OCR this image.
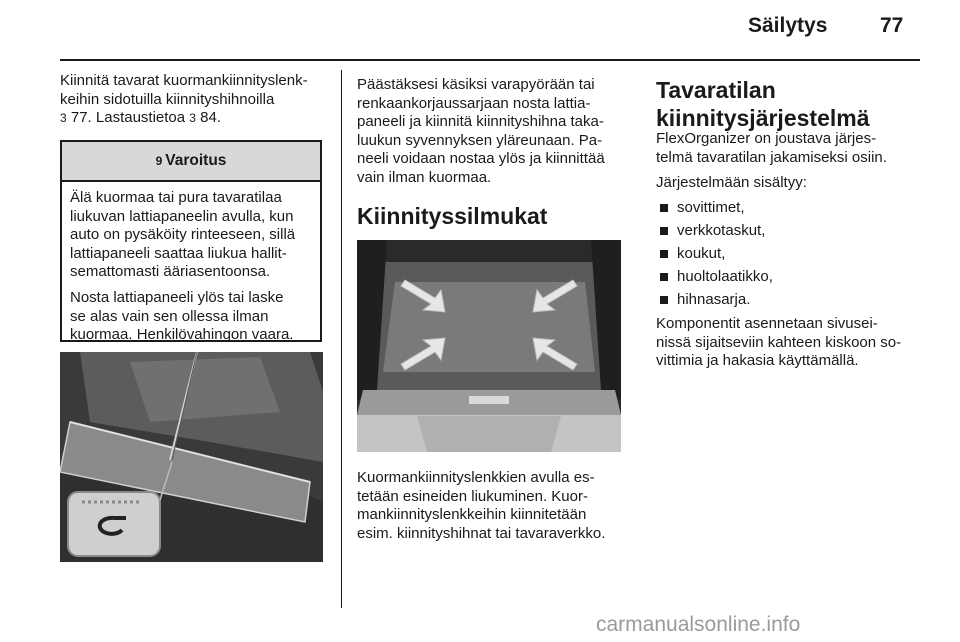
Säilytys	77
Kiinnitä tavarat kuormankiinnityslenk-
keihin sidotuilla kiinnityshihnoilla
3 77. Lastaustietoa 3 84.
9 Varoitus
Älä kuormaa tai pura tavaratilaa
liukuvan lattiapaneelin avulla, kun
auto on pysäköity rinteeseen, sillä
lattiapaneeli saattaa liukua hallit-
semattomasti ääriasentoonsa.
Nosta lattiapaneeli ylös tai laske
se alas vain sen ollessa ilman
kuormaa. Henkilövahingon vaara.
Päästäksesi käsiksi varapyörään tai
renkaankorjaussarjaan nosta lattia-
paneeli ja kiinnitä kiinnityshihna taka-
luukun syvennyksen yläreunaan. Pa-
neeli voidaan nostaa ylös ja kiinnittää
vain ilman kuormaa.
Kiinnityssilmukat
Kuormankiinnityslenkkien avulla es-
tetään esineiden liukuminen. Kuor-
mankiinnityslenkkeihin kiinnitetään
esim. kiinnityshihnat tai tavaraverkko.
Tavaratilan
kiinnitysjärjestelmä
FlexOrganizer on joustava järjes-
telmä tavaratilan jakamiseksi osiin.
Järjestelmään sisältyy:
sovittimet,
verkkotaskut,
koukut,
huoltolaatikko,
hihnasarja.
Komponentit asennetaan sivusei-
nissä sijaitseviin kahteen kiskoon so-
vittimia ja hakasia käyttämällä.
carmanualsonline.info
